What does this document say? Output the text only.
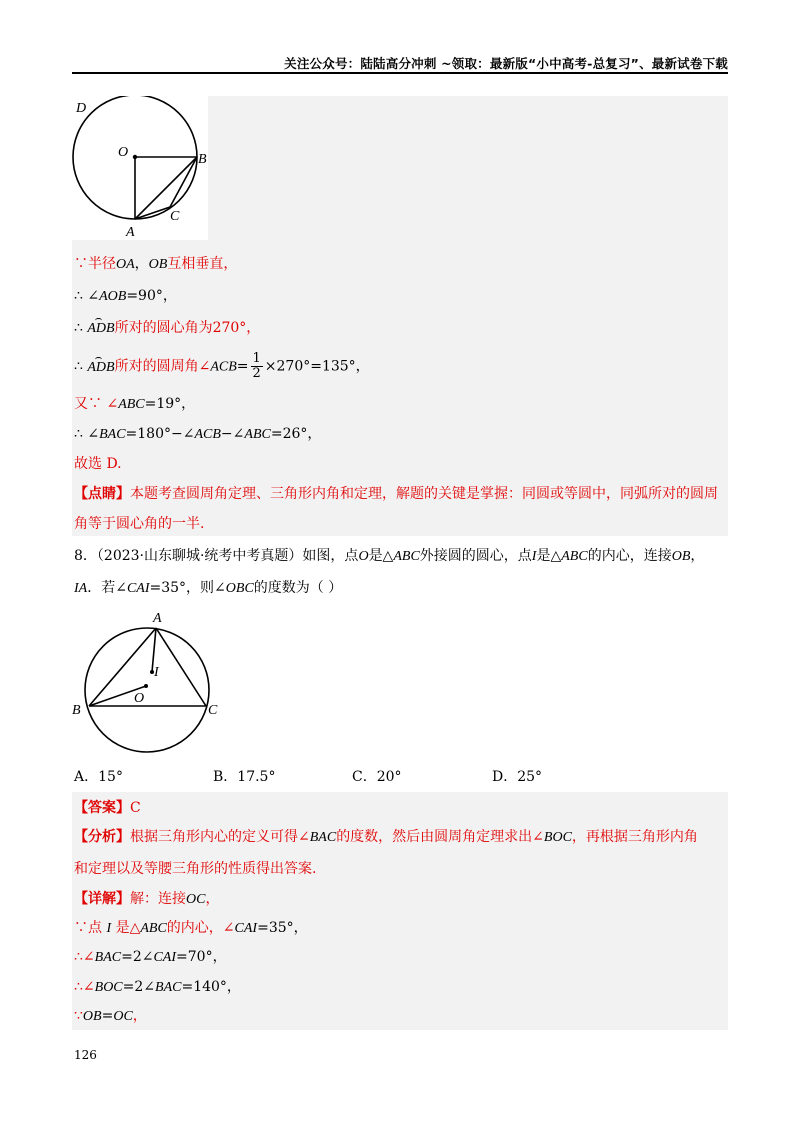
关注公众号：陆陆高分冲刺 ~领取：最新版“小中高考-总复习”、最新试卷下载
D
O	B
C
A
∵半径OA，OB互相垂直，
∴ ∠AOB=90°，
∴ ADB所对的圆心角为270°，
∴ ADB所对的圆周角∠ACB= $\frac{1}{2} \times 270^\circ=135^\circ$，
又∵ ∠ABC=19°，
∴ ∠BAC=180°−∠ACB−∠ABC=26°，
故选 D.
【点睛】本题考查圆周角定理、三角形内角和定理，解题的关键是掌握：同圆或等圆中，同弧所对的圆周
角等于圆心角的一半.
8．（2023·山东聊城·统考中考真题）如图，点O是△ABC外接圆的圆心，点I是△ABC的内心，连接OB，
IA．若∠CAI=35°，则∠OBC的度数为（ ）
A
I
O
B	C
A．15°	B．17.5°	C．20°	D．25°
【答案】C
【分析】根据三角形内心的定义可得∠BAC的度数，然后由圆周角定理求出∠BOC，再根据三角形内角
和定理以及等腰三角形的性质得出答案.
【详解】解：连接OC，
∵点 I 是△ABC的内心，∠CAI=35°，
∴∠BAC=2∠CAI=70°，
∴∠BOC=2∠BAC=140°，
∵OB=OC，
126
